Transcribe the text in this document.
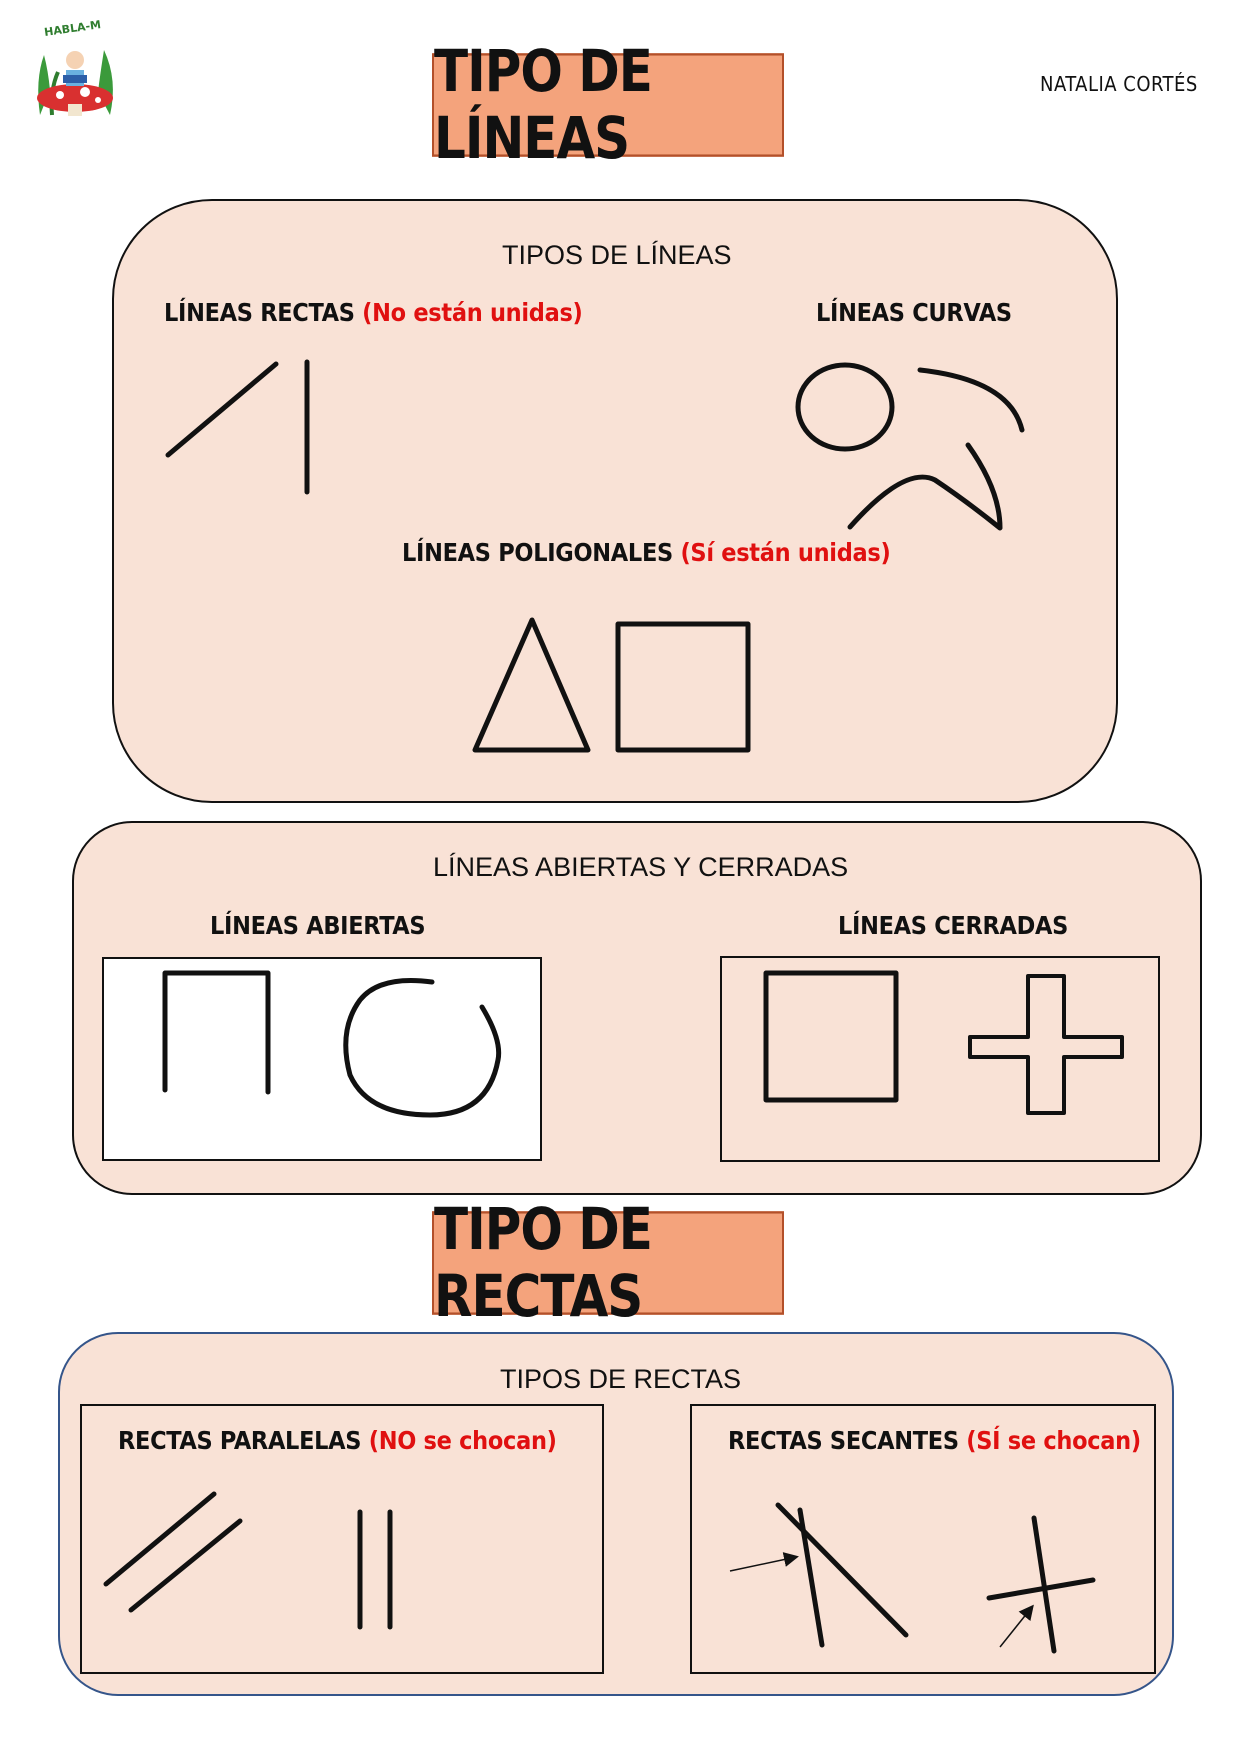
HABLA-M
NATALIA CORTÉS
TIPO DE LÍNEAS
TIPOS DE LÍNEAS
LÍNEAS RECTAS (No están unidas)	LÍNEAS CURVAS
LÍNEAS POLIGONALES (Sí están unidas)
LÍNEAS ABIERTAS Y CERRADAS
LÍNEAS ABIERTAS	LÍNEAS CERRADAS
TIPO DE RECTAS
TIPOS DE RECTAS
RECTAS PARALELAS (NO se chocan)	RECTAS SECANTES (SÍ se chocan)
